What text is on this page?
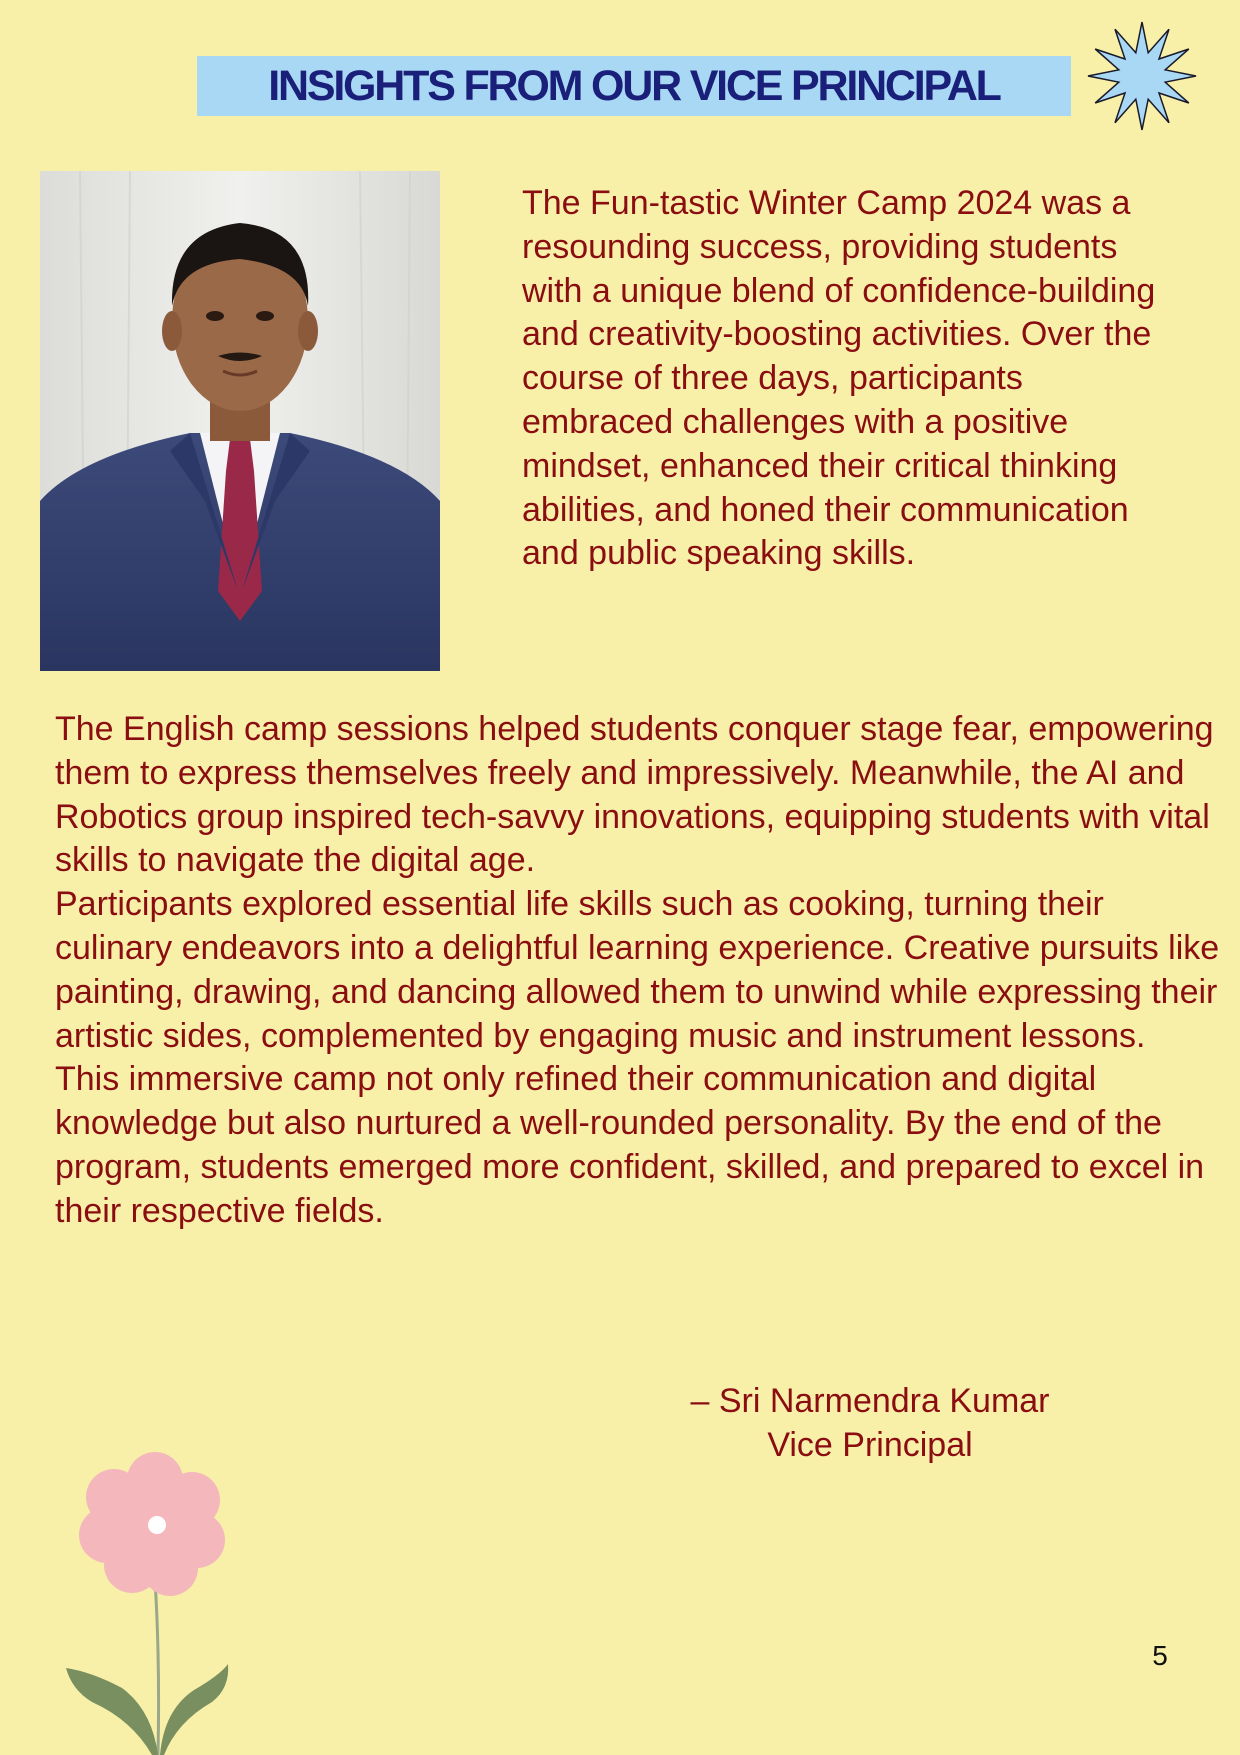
INSIGHTS FROM OUR VICE PRINCIPAL
The Fun-tastic Winter Camp 2024 was a resounding success, providing students with a unique blend of confidence-building and creativity-boosting activities. Over the course of three days, participants embraced challenges with a positive mindset, enhanced their critical thinking abilities, and honed their communication and public speaking skills.

The English camp sessions helped students conquer stage fear, empowering them to express themselves freely and impressively. Meanwhile, the AI and Robotics group inspired tech-savvy innovations, equipping students with vital skills to navigate the digital age.

Participants explored essential life skills such as cooking, turning their culinary endeavors into a delightful learning experience. Creative pursuits like painting, drawing, and dancing allowed them to unwind while expressing their artistic sides, complemented by engaging music and instrument lessons.

This immersive camp not only refined their communication and digital knowledge but also nurtured a well-rounded personality. By the end of the program, students emerged more confident, skilled, and prepared to excel in their respective fields.

– Sri Narmendra Kumar
Vice Principal
5
